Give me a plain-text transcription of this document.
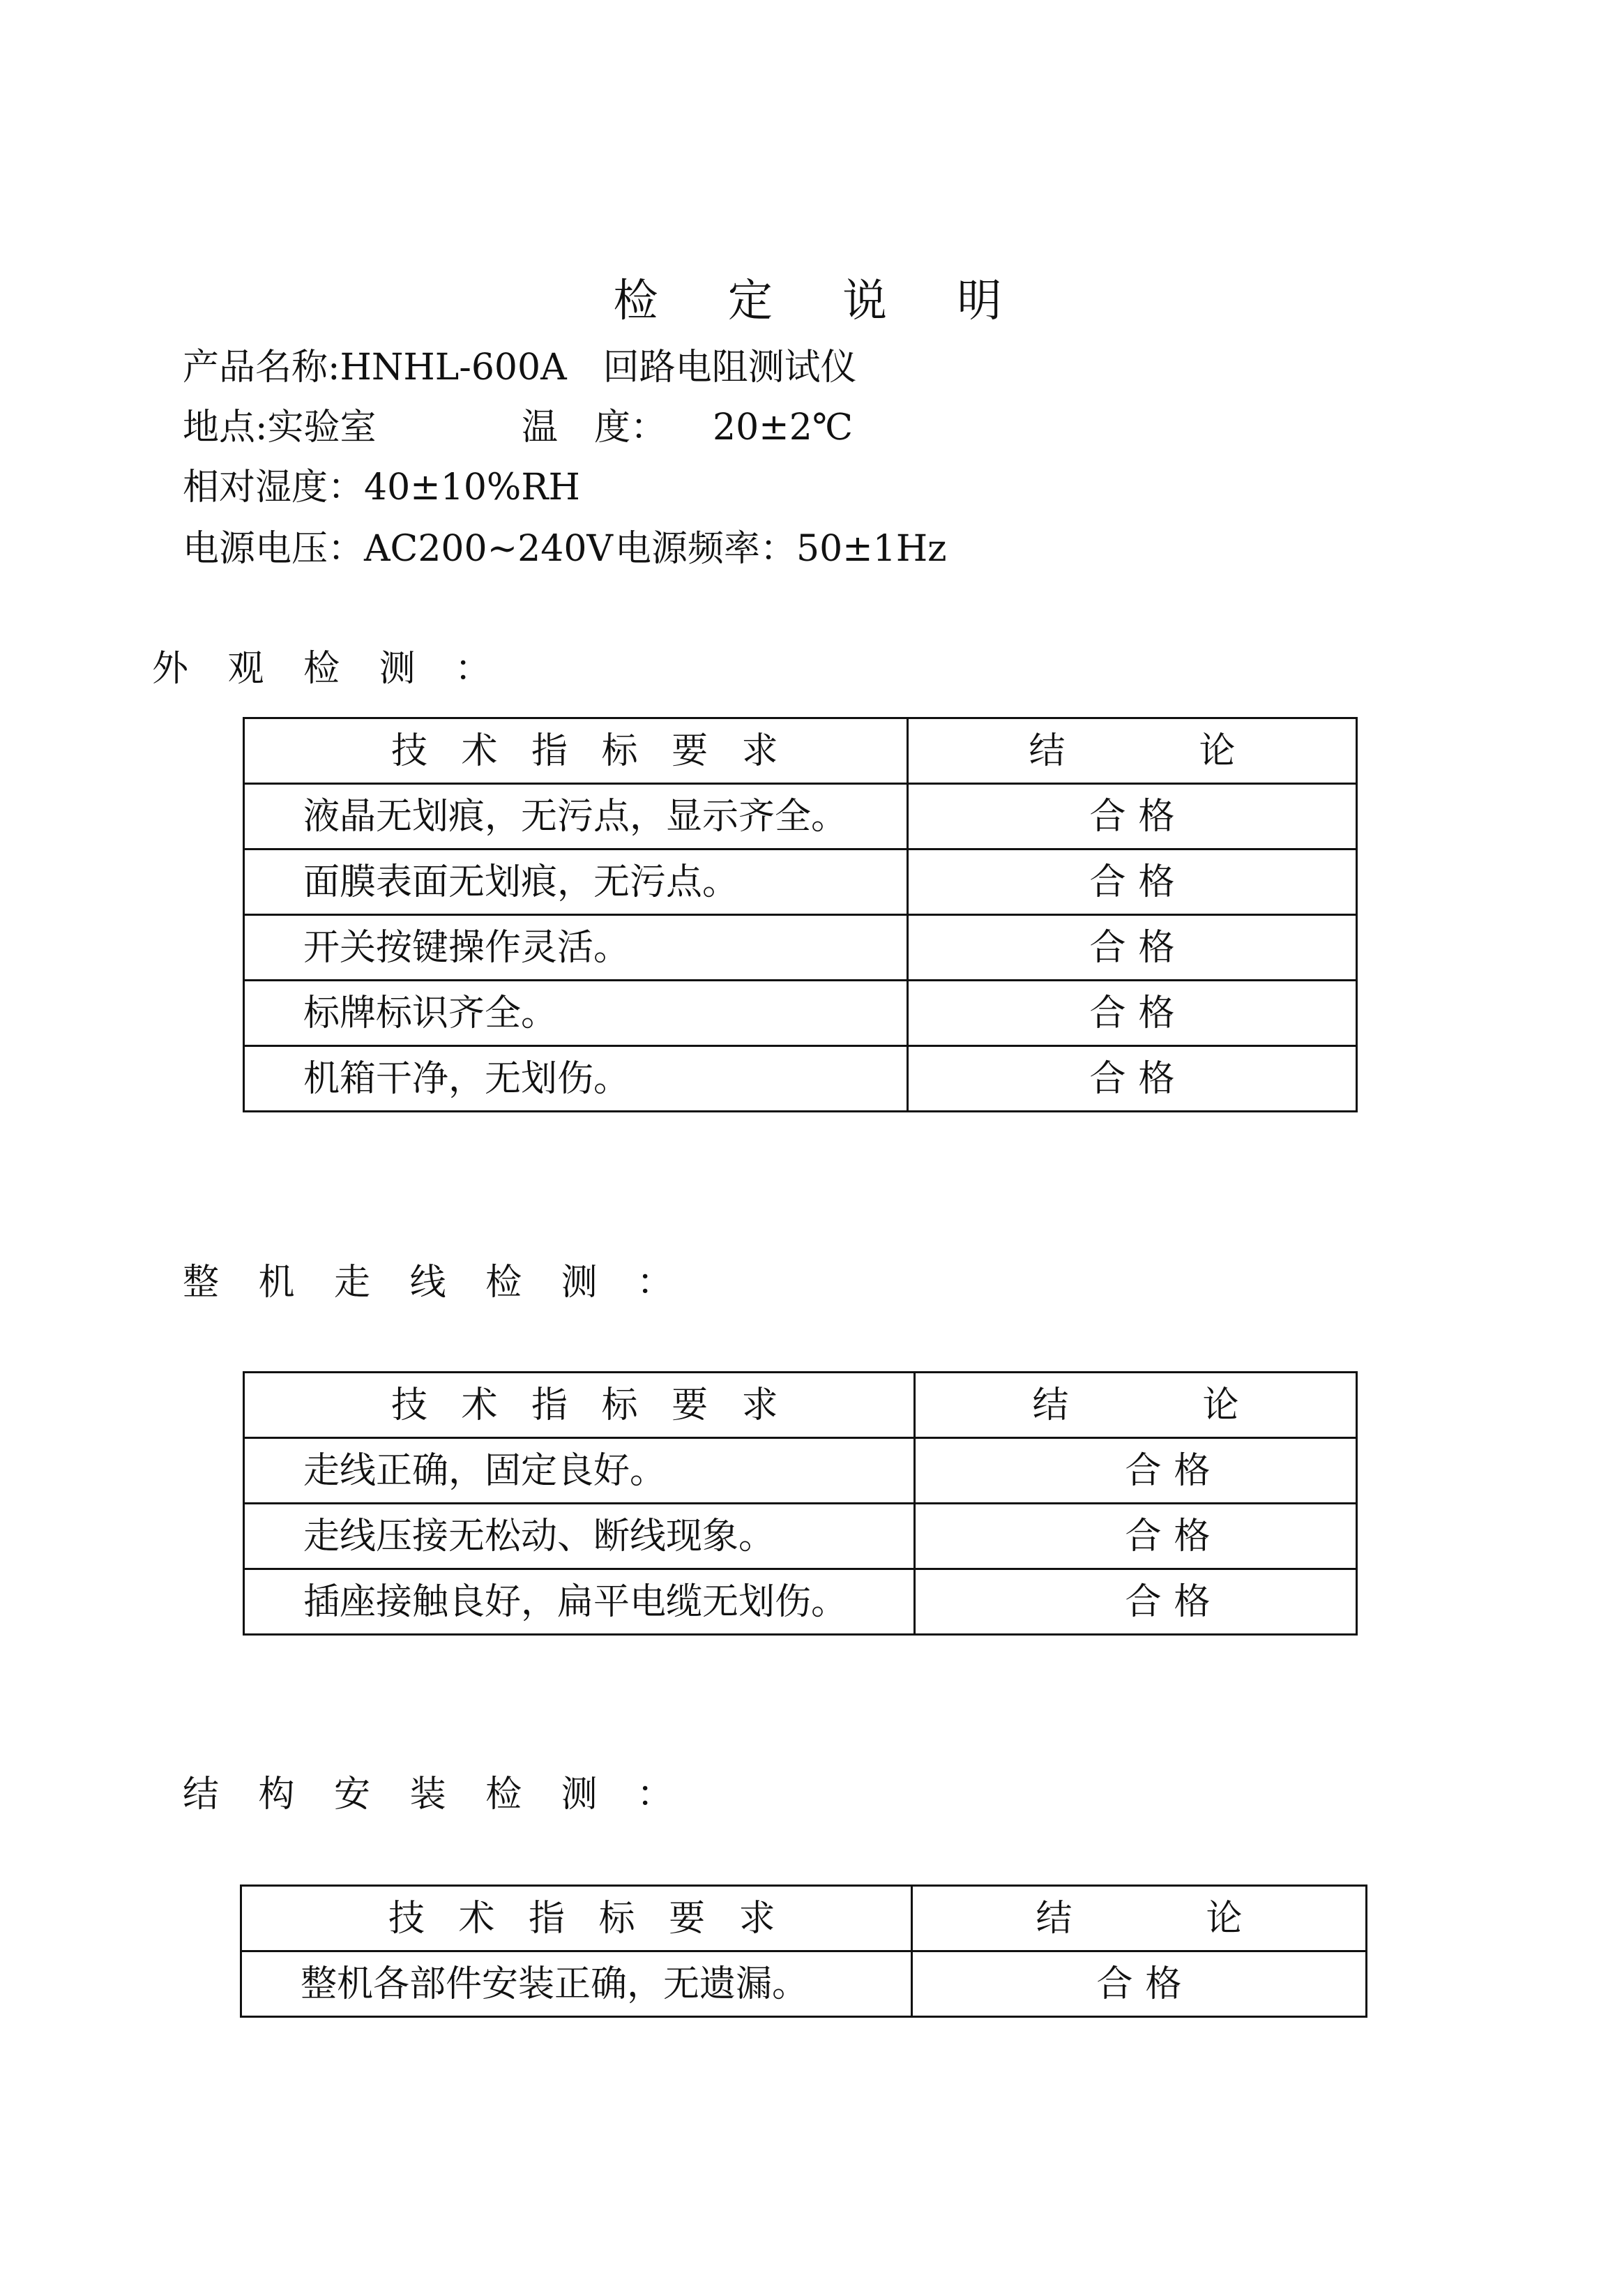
检 定 说 明
产品名称:HNHL-600A　回路电阻测试仪
地点:实验室	温　度： 20±2℃
相对湿度：40±10%RH
电源电压：AC200~240V 电源频率：50±1Hz
外 观 检 测 ：
技 术 指 标 要 求	结　论
液晶无划痕，无污点，显示齐全。	合格
面膜表面无划痕，无污点。	合格
开关按键操作灵活。	合格
标牌标识齐全。	合格
机箱干净，无划伤。	合格
整 机 走 线 检 测 ：
技 术 指 标 要 求	结　论
走线正确，固定良好。	合格
走线压接无松动、断线现象。	合格
插座接触良好，扁平电缆无划伤。	合格
结 构 安 装 检 测 ：
技 术 指 标 要 求	结　论
整机各部件安装正确，无遗漏。	合格
